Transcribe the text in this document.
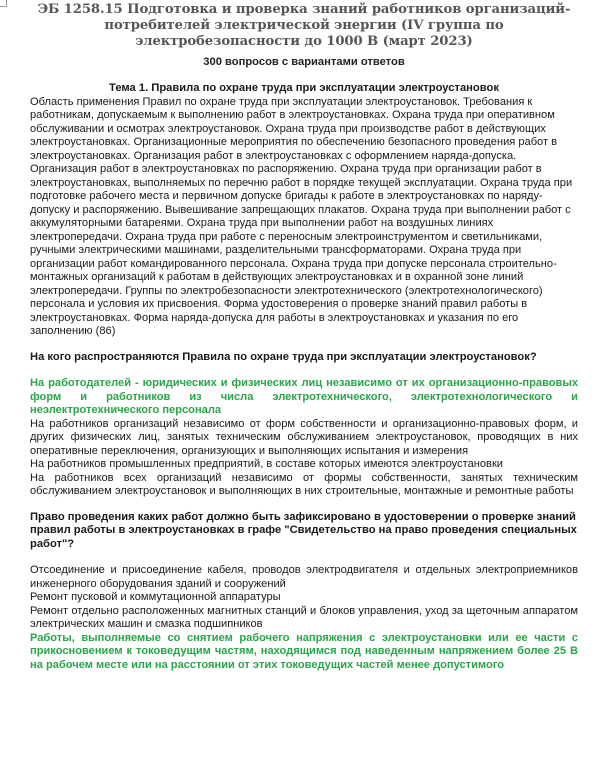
ЭБ 1258.15 Подготовка и проверка знаний работников организаций-потребителей электрической энергии (IV группа по электробезопасности до 1000 В (март 2023)
300 вопросов с вариантами ответов
Тема 1. Правила по охране труда при эксплуатации электроустановок

Область применения Правил по охране труда при эксплуатации электроустановок. Требования к работникам, допускаемым к выполнению работ в электроустановках. Охрана труда при оперативном обслуживании и осмотрах электроустановок. Охрана труда при производстве работ в действующих электроустановках. Организационные мероприятия по обеспечению безопасного проведения работ в электроустановках. Организация работ в электроустановках с оформлением наряда-допуска. Организация работ в электроустановках по распоряжению. Охрана труда при организации работ в электроустановках, выполняемых по перечню работ в порядке текущей эксплуатации. Охрана труда при подготовке рабочего места и первичном допуске бригады к работе в электроустановках по наряду-допуску и распоряжению. Вывешивание запрещающих плакатов. Охрана труда при выполнении работ с аккумуляторными батареями. Охрана труда при выполнении работ на воздушных линиях электропередачи. Охрана труда при работе с переносным электроинструментом и светильниками, ручными электрическими машинами, разделительными трансформаторами. Охрана труда при организации работ командированного персонала. Охрана труда при допуске персонала строительно-монтажных организаций к работам в действующих электроустановках и в охранной зоне линий электропередачи. Группы по электробезопасности электротехнического (электротехнологического) персонала и условия их присвоения. Форма удостоверения о проверке знаний правил работы в электроустановках. Форма наряда-допуска для работы в электроустановках и указания по его заполнению (86)

На кого распространяются Правила по охране труда при эксплуатации электроустановок?

На работодателей - юридических и физических лиц независимо от их организационно-правовых форм и работников из числа электротехнического, электротехнологического и неэлектротехнического персонала

На работников организаций независимо от форм собственности и организационно-правовых форм, и других физических лиц, занятых техническим обслуживанием электроустановок, проводящих в них оперативные переключения, организующих и выполняющих испытания и измерения

На работников промышленных предприятий, в составе которых имеются электроустановки

На работников всех организаций независимо от формы собственности, занятых техническим обслуживанием электроустановок и выполняющих в них строительные, монтажные и ремонтные работы

Право проведения каких работ должно быть зафиксировано в удостоверении о проверке знаний правил работы в электроустановках в графе "Свидетельство на право проведения специальных работ"?

Отсоединение и присоединение кабеля, проводов электродвигателя и отдельных электроприемников инженерного оборудования зданий и сооружений

Ремонт пусковой и коммутационной аппаратуры

Ремонт отдельно расположенных магнитных станций и блоков управления, уход за щеточным аппаратом электрических машин и смазка подшипников

Работы, выполняемые со снятием рабочего напряжения с электроустановки или ее части с прикосновением к токоведущим частям, находящимся под наведенным напряжением более 25 В на рабочем месте или на расстоянии от этих токоведущих частей менее допустимого
